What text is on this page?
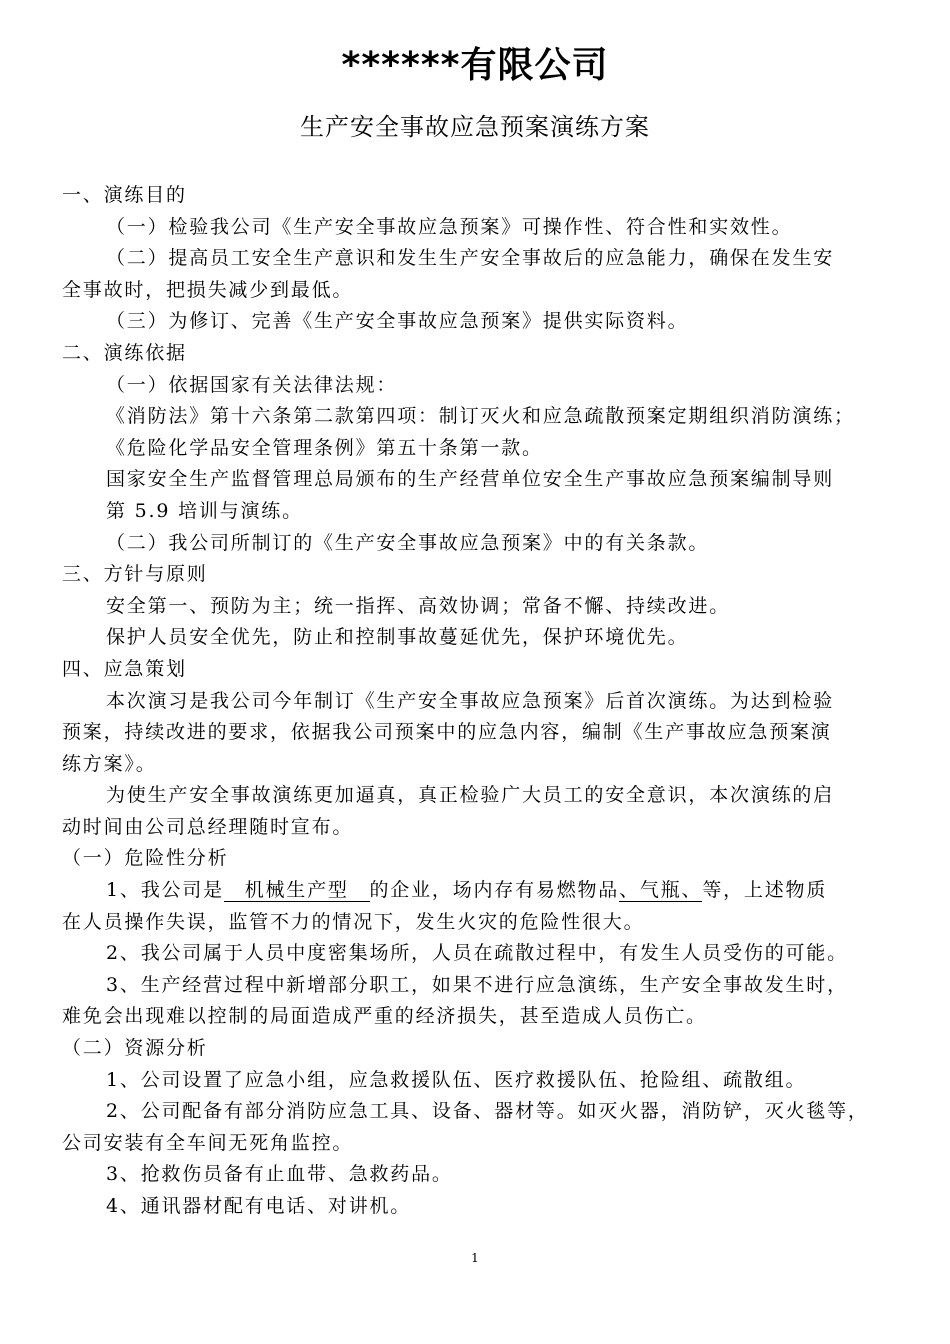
******有限公司
生产安全事故应急预案演练方案
一、演练目的
（一）检验我公司《生产安全事故应急预案》可操作性、符合性和实效性。
（二）提高员工安全生产意识和发生生产安全事故后的应急能力，确保在发生安
全事故时，把损失减少到最低。
（三）为修订、完善《生产安全事故应急预案》提供实际资料。
二、演练依据
（一）依据国家有关法律法规：
《消防法》第十六条第二款第四项：制订灭火和应急疏散预案定期组织消防演练；
《危险化学品安全管理条例》第五十条第一款。
国家安全生产监督管理总局颁布的生产经营单位安全生产事故应急预案编制导则
第 5.9 培训与演练。
（二）我公司所制订的《生产安全事故应急预案》中的有关条款。
三、方针与原则
安全第一、预防为主；统一指挥、高效协调；常备不懈、持续改进。
保护人员安全优先，防止和控制事故蔓延优先，保护环境优先。
四、应急策划
本次演习是我公司今年制订《生产安全事故应急预案》后首次演练。为达到检验
预案，持续改进的要求，依据我公司预案中的应急内容，编制《生产事故应急预案演
练方案》。
为使生产安全事故演练更加逼真，真正检验广大员工的安全意识，本次演练的启
动时间由公司总经理随时宣布。
（一）危险性分析
1、我公司是　机械生产型　的企业，场内存有易燃物品、气瓶、等，上述物质
在人员操作失误，监管不力的情况下，发生火灾的危险性很大。
2、我公司属于人员中度密集场所，人员在疏散过程中，有发生人员受伤的可能。
3、生产经营过程中新增部分职工，如果不进行应急演练，生产安全事故发生时，
难免会出现难以控制的局面造成严重的经济损失，甚至造成人员伤亡。
（二）资源分析
1、公司设置了应急小组，应急救援队伍、医疗救援队伍、抢险组、疏散组。
2、公司配备有部分消防应急工具、设备、器材等。如灭火器，消防铲，灭火毯等，
公司安装有全车间无死角监控。
3、抢救伤员备有止血带、急救药品。
4、通讯器材配有电话、对讲机。
1
